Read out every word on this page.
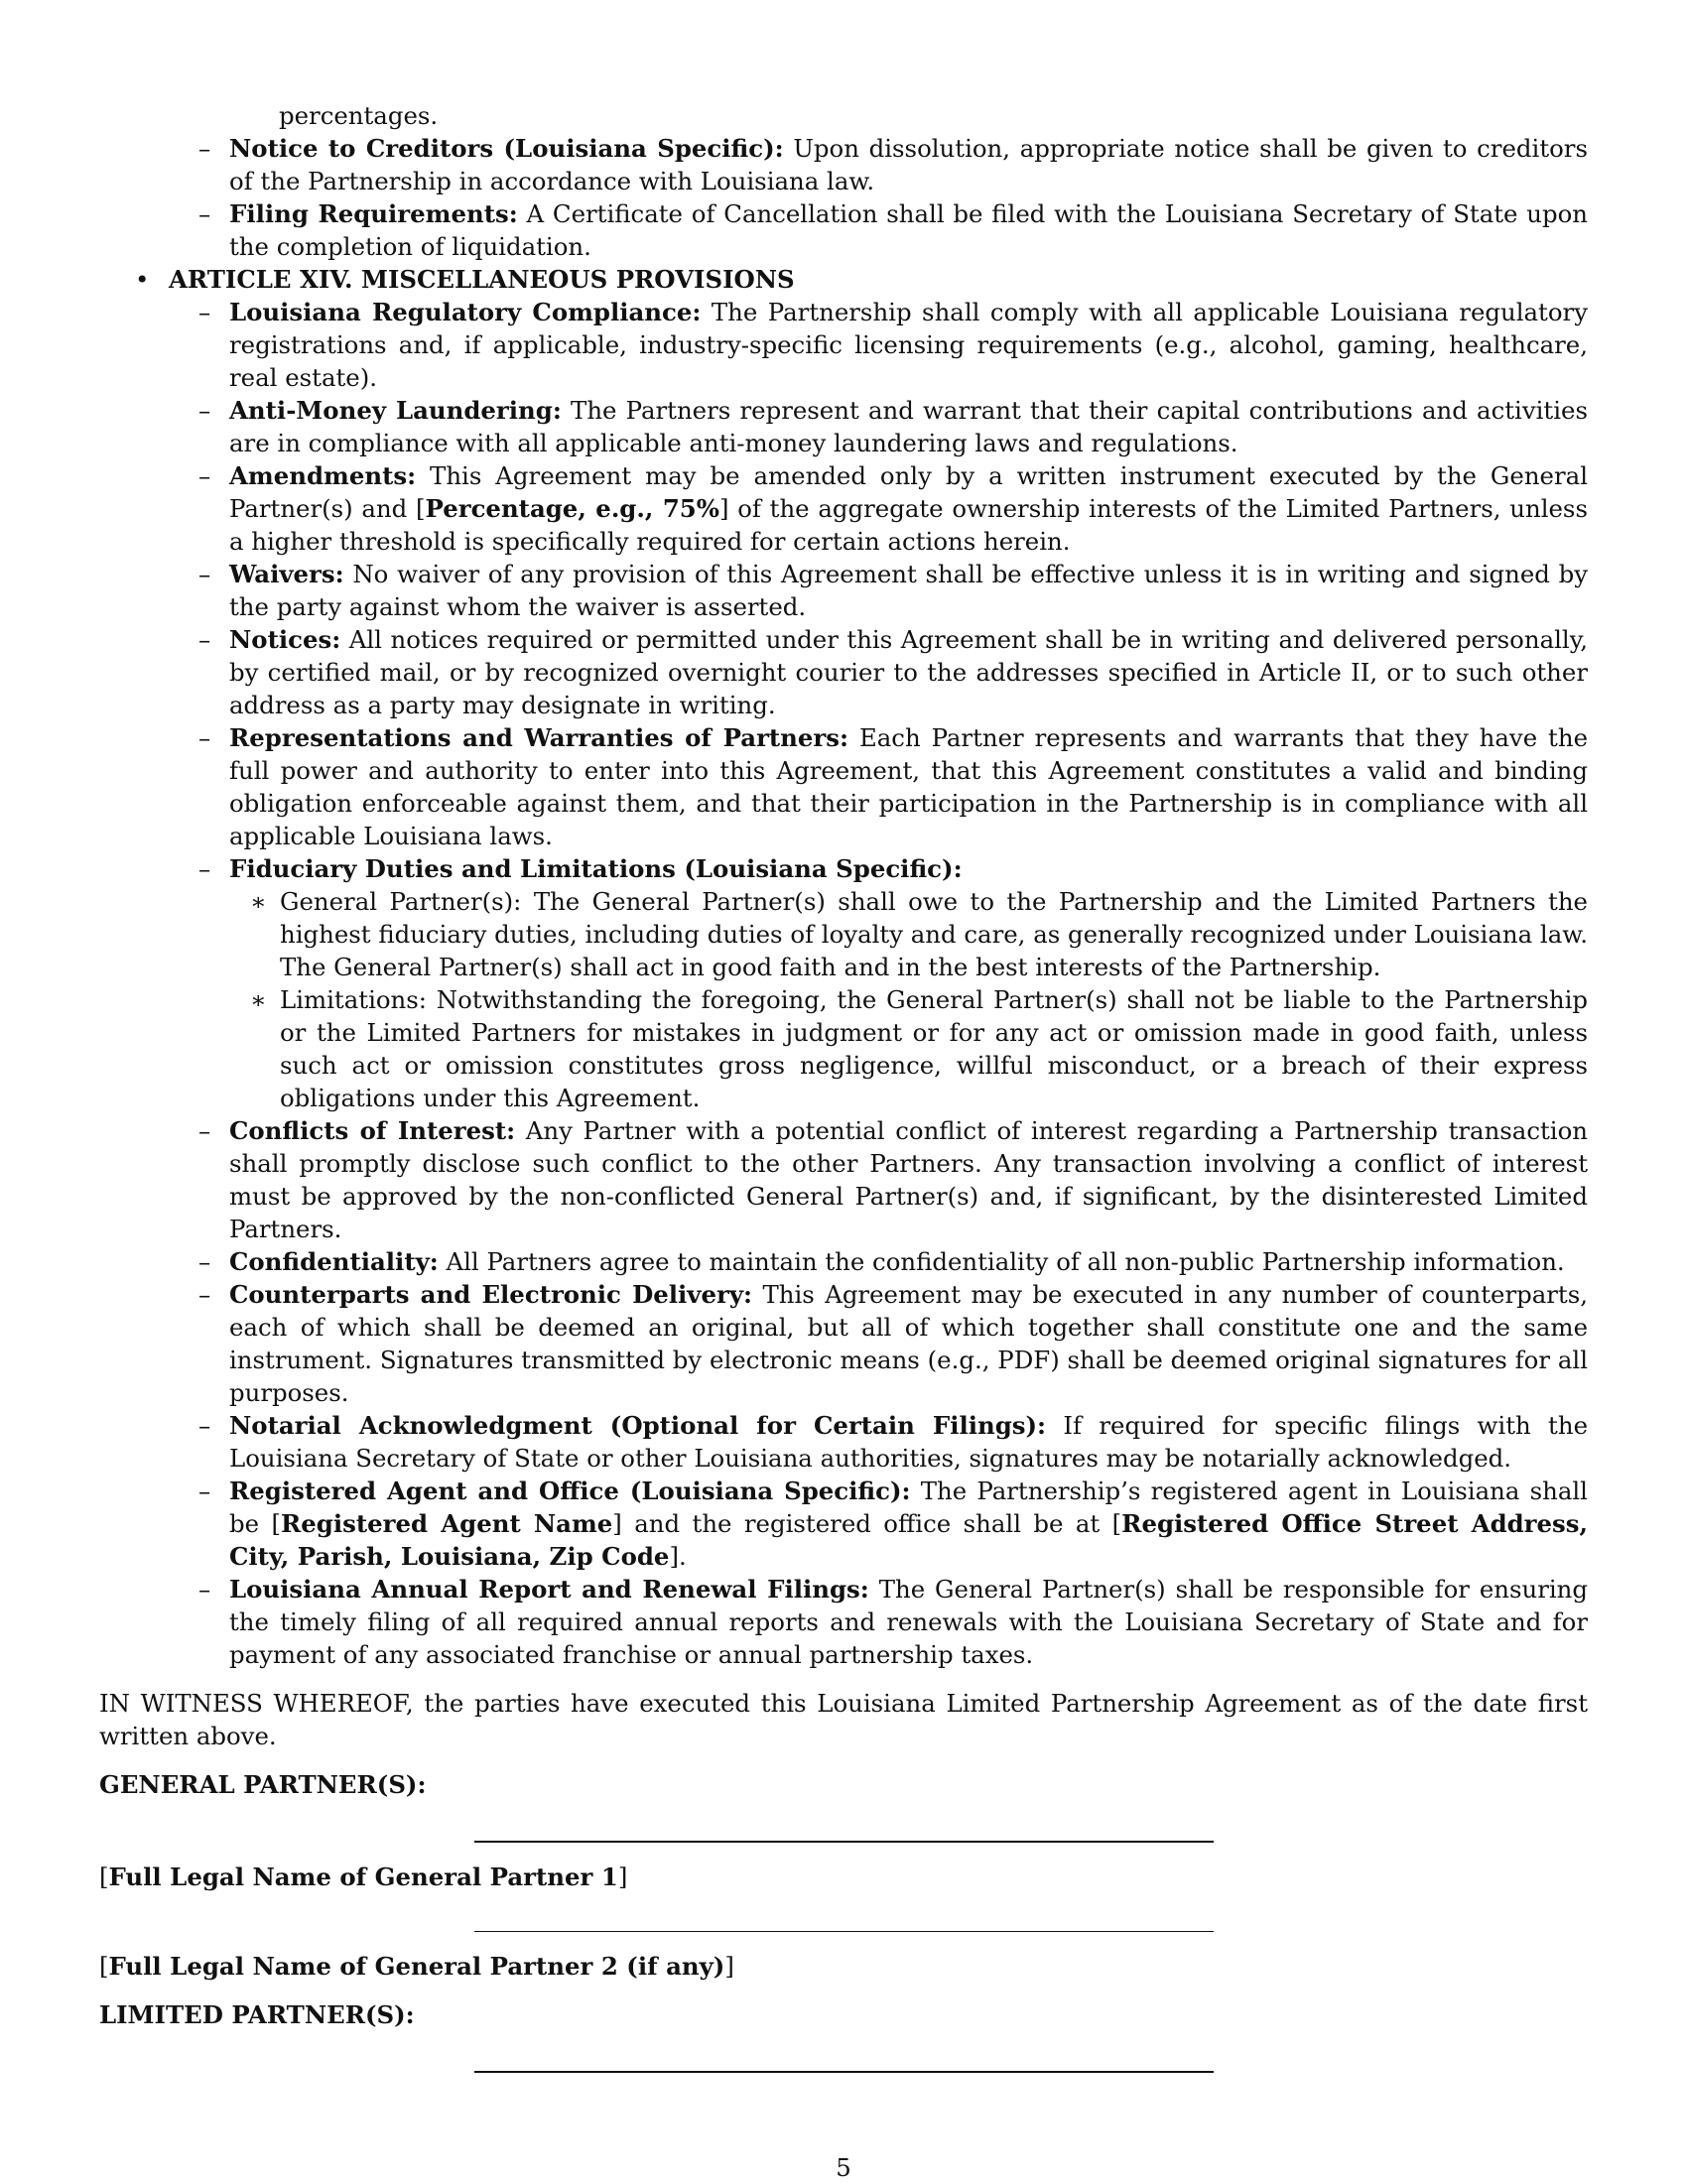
percentages.
– Notice to Creditors (Louisiana Specific): Upon dissolution, appropriate notice shall be given to creditors of the Partnership in accordance with Louisiana law.
– Filing Requirements: A Certificate of Cancellation shall be filed with the Louisiana Secretary of State upon the completion of liquidation.
• ARTICLE XIV. MISCELLANEOUS PROVISIONS
– Louisiana Regulatory Compliance: The Partnership shall comply with all applicable Louisiana regulatory registrations and, if applicable, industry-specific licensing requirements (e.g., alcohol, gaming, healthcare, real estate).
– Anti-Money Laundering: The Partners represent and warrant that their capital contributions and activities are in compliance with all applicable anti-money laundering laws and regulations.
– Amendments: This Agreement may be amended only by a written instrument executed by the General Partner(s) and [Percentage, e.g., 75%] of the aggregate ownership interests of the Limited Partners, unless a higher threshold is specifically required for certain actions herein.
– Waivers: No waiver of any provision of this Agreement shall be effective unless it is in writing and signed by the party against whom the waiver is asserted.
– Notices: All notices required or permitted under this Agreement shall be in writing and delivered personally, by certified mail, or by recognized overnight courier to the addresses specified in Article II, or to such other address as a party may designate in writing.
– Representations and Warranties of Partners: Each Partner represents and warrants that they have the full power and authority to enter into this Agreement, that this Agreement constitutes a valid and binding obligation enforceable against them, and that their participation in the Partnership is in compliance with all applicable Louisiana laws.
– Fiduciary Duties and Limitations (Louisiana Specific):
∗ General Partner(s): The General Partner(s) shall owe to the Partnership and the Limited Partners the highest fiduciary duties, including duties of loyalty and care, as generally recognized under Louisiana law. The General Partner(s) shall act in good faith and in the best interests of the Partnership.
∗ Limitations: Notwithstanding the foregoing, the General Partner(s) shall not be liable to the Partnership or the Limited Partners for mistakes in judgment or for any act or omission made in good faith, unless such act or omission constitutes gross negligence, willful misconduct, or a breach of their express obligations under this Agreement.
– Conflicts of Interest: Any Partner with a potential conflict of interest regarding a Partnership transaction shall promptly disclose such conflict to the other Partners. Any transaction involving a conflict of interest must be approved by the non-conflicted General Partner(s) and, if significant, by the disinterested Limited Partners.
– Confidentiality: All Partners agree to maintain the confidentiality of all non-public Partnership information.
– Counterparts and Electronic Delivery: This Agreement may be executed in any number of counterparts, each of which shall be deemed an original, but all of which together shall constitute one and the same instrument. Signatures transmitted by electronic means (e.g., PDF) shall be deemed original signatures for all purposes.
– Notarial Acknowledgment (Optional for Certain Filings): If required for specific filings with the Louisiana Secretary of State or other Louisiana authorities, signatures may be notarially acknowledged.
– Registered Agent and Office (Louisiana Specific): The Partnership’s registered agent in Louisiana shall be [Registered Agent Name] and the registered office shall be at [Registered Office Street Address, City, Parish, Louisiana, Zip Code].
– Louisiana Annual Report and Renewal Filings: The General Partner(s) shall be responsible for ensuring the timely filing of all required annual reports and renewals with the Louisiana Secretary of State and for payment of any associated franchise or annual partnership taxes.

IN WITNESS WHEREOF, the parties have executed this Louisiana Limited Partnership Agreement as of the date first written above.

GENERAL PARTNER(S):
[Full Legal Name of General Partner 1]
[Full Legal Name of General Partner 2 (if any)]
LIMITED PARTNER(S):
5
